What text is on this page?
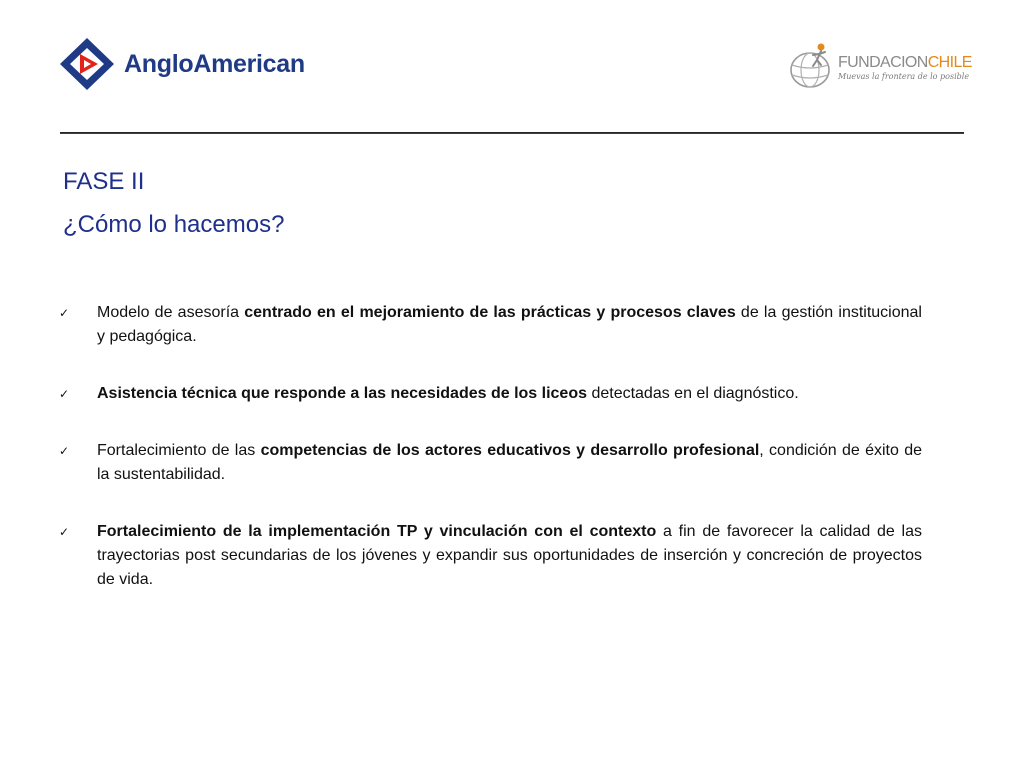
AngloAmerican	FUNDACIONCHILE
Muevas la frontera de lo posible
FASE II
¿Cómo lo hacemos?
✓ Modelo de asesoría centrado en el mejoramiento de las prácticas y procesos claves de la gestión institucional y pedagógica.
✓ Asistencia técnica que responde a las necesidades de los liceos detectadas en el diagnóstico.
✓ Fortalecimiento de las competencias de los actores educativos y desarrollo profesional, condición de éxito de la sustentabilidad.
✓ Fortalecimiento de la implementación TP y vinculación con el contexto a fin de favorecer la calidad de las trayectorias post secundarias de los jóvenes y expandir sus oportunidades de inserción y concreción de proyectos de vida.
